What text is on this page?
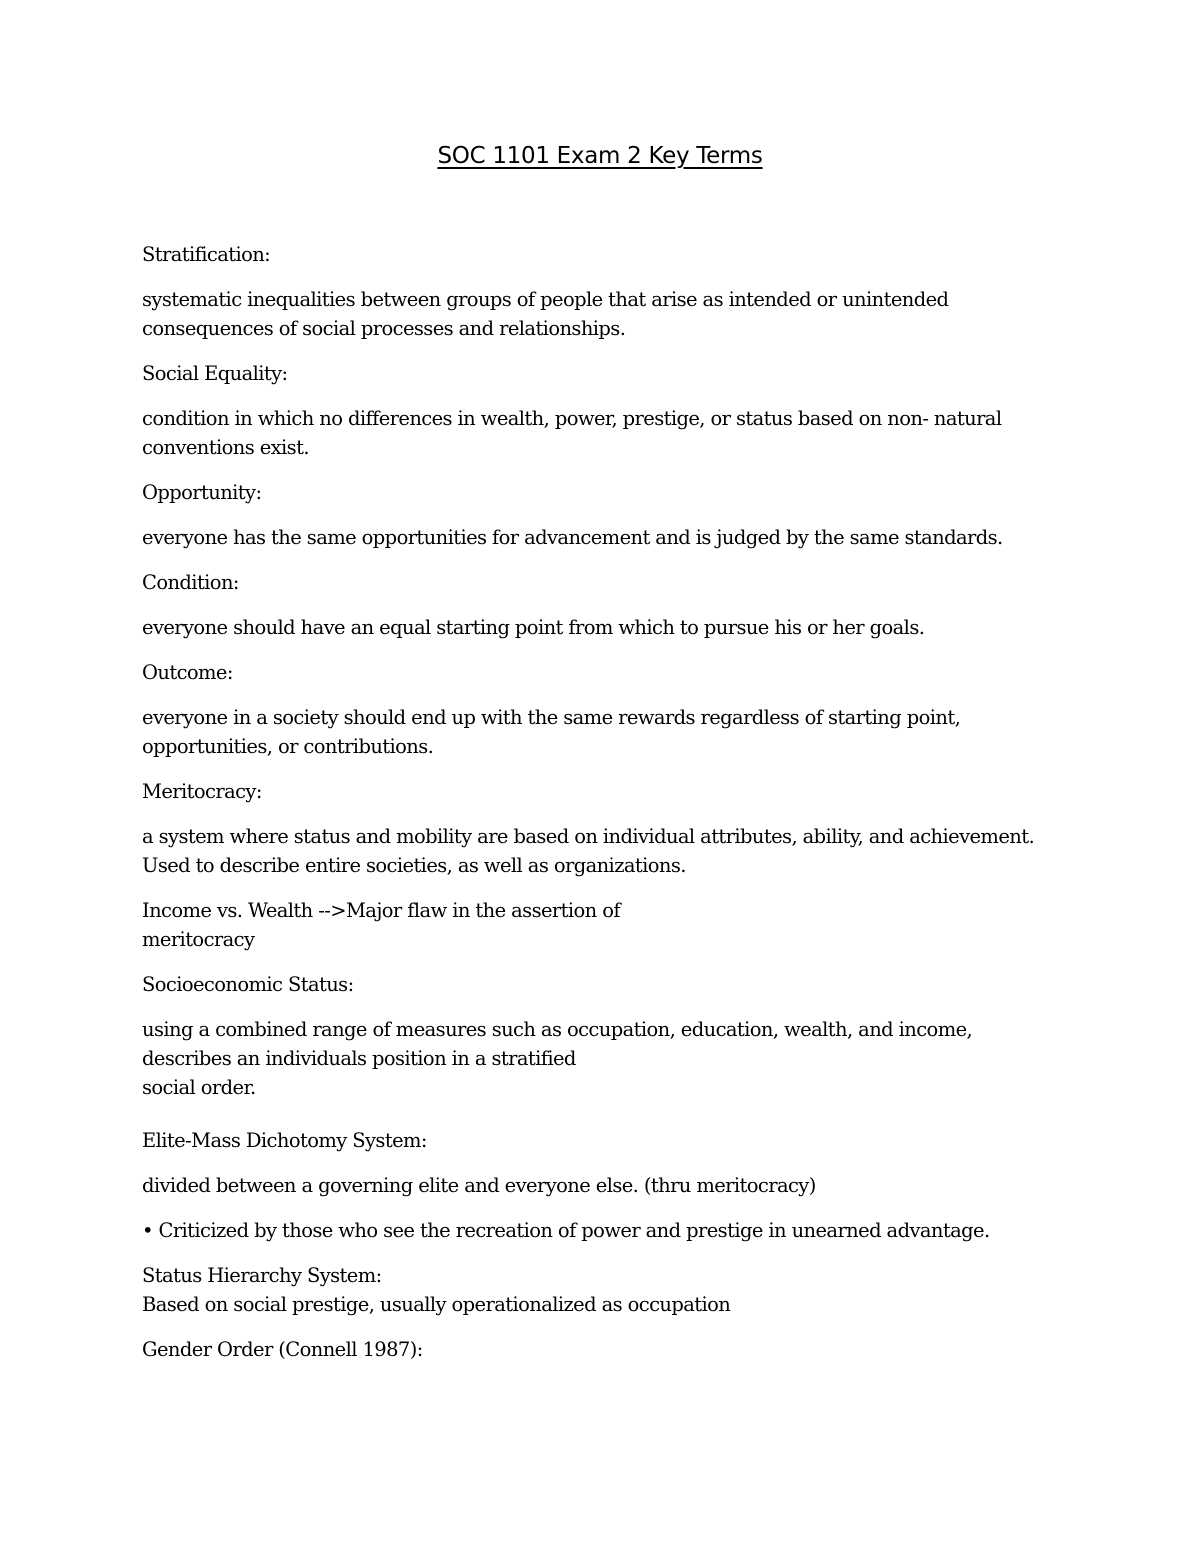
SOC 1101 Exam 2 Key Terms

Stratification:

systematic inequalities between groups of people that arise as intended or unintended
consequences of social processes and relationships.

Social Equality:

condition in which no differences in wealth, power, prestige, or status based on non- natural
conventions exist.

Opportunity:

everyone has the same opportunities for advancement and is judged by the same standards.

Condition:

everyone should have an equal starting point from which to pursue his or her goals.

Outcome:

everyone in a society should end up with the same rewards regardless of starting point,
opportunities, or contributions.

Meritocracy:

a system where status and mobility are based on individual attributes, ability, and achievement.
Used to describe entire societies, as well as organizations.

Income vs. Wealth -->Major flaw in the assertion of
meritocracy

Socioeconomic Status:

using a combined range of measures such as occupation, education, wealth, and income,
describes an individuals position in a stratified
social order.

Elite-Mass Dichotomy System:

divided between a governing elite and everyone else. (thru meritocracy)

• Criticized by those who see the recreation of power and prestige in unearned advantage.

Status Hierarchy System:
Based on social prestige, usually operationalized as occupation

Gender Order (Connell 1987):
